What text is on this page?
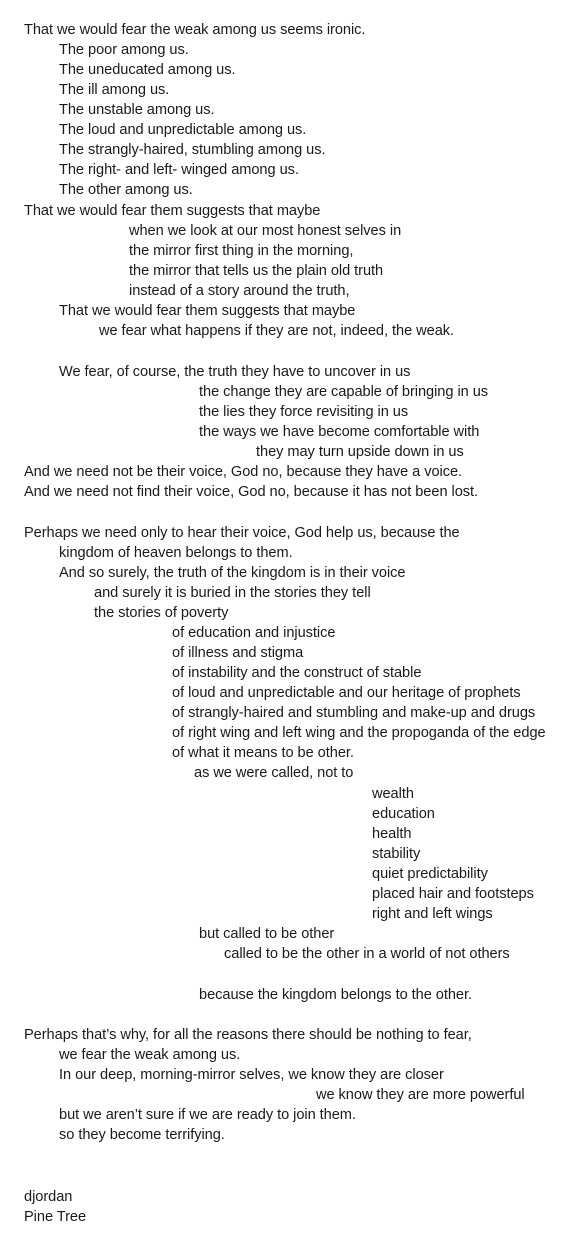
That we would fear the weak among us seems ironic.
The poor among us.
The uneducated among us.
The ill among us.
The unstable among us.
The loud and unpredictable among us.
The strangly-haired, stumbling among us.
The right- and left- winged among us.
The other among us.
That we would fear them suggests that maybe
when we look at our most honest selves in
the mirror first thing in the morning,
the mirror that tells us the plain old truth
instead of a story around the truth,
That we would fear them suggests that maybe
we fear what happens if they are not, indeed, the weak.
We fear, of course, the truth they have to uncover in us
the change they are capable of bringing in us
the lies they force revisiting in us
the ways we have become comfortable with
they may turn upside down in us
And we need not be their voice, God no, because they have a voice.
And we need not find their voice, God no, because it has not been lost.
Perhaps we need only to hear their voice, God help us, because the
kingdom of heaven belongs to them.
And so surely, the truth of the kingdom is in their voice
and surely it is buried in the stories they tell
the stories of poverty
of education and injustice
of illness and stigma
of instability and the construct of stable
of loud and unpredictable and our heritage of prophets
of strangly-haired and stumbling and make-up and drugs
of right wing and left wing and the propoganda of the edge
of what it means to be other.
as we were called, not to
wealth
education
health
stability
quiet predictability
placed hair and footsteps
right and left wings
but called to be other
called to be the other in a world of not others
because the kingdom belongs to the other.
Perhaps that’s why, for all the reasons there should be nothing to fear,
we fear the weak among us.
In our deep, morning-mirror selves, we know they are closer
we know they are more powerful
but we aren’t sure if we are ready to join them.
so they become terrifying.
djordan
Pine Tree
